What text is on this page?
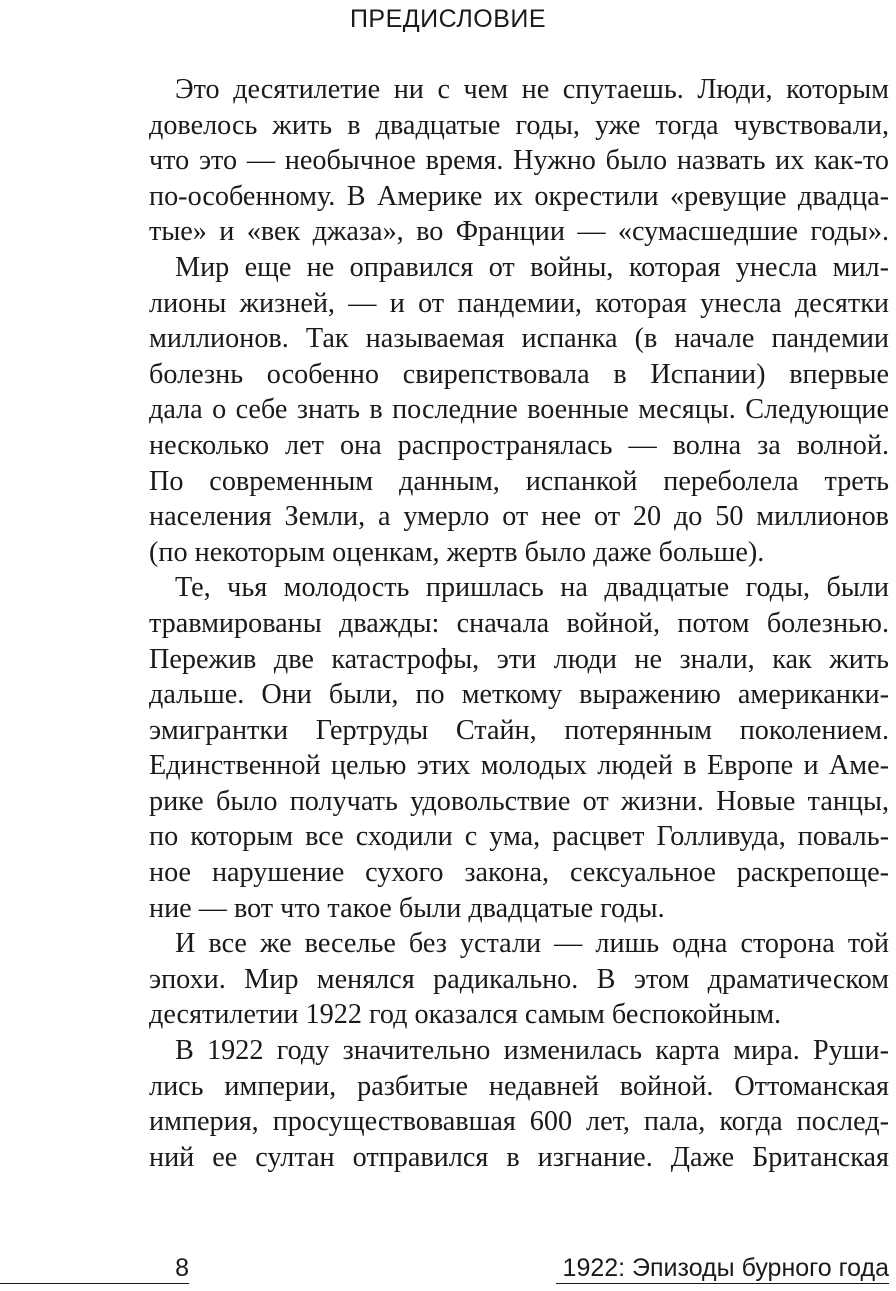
ПРЕДИСЛОВИЕ

Это десятилетие ни с чем не спутаешь. Люди, которым

довелось жить в двадцатые годы, уже тогда чувствовали,

что это — необычное время. Нужно было назвать их как-то

по-особенному. В Америке их окрестили «ревущие двадца-

тые» и «век джаза», во Франции — «сумасшедшие годы».

Мир еще не оправился от войны, которая унесла мил-

лионы жизней, — и от пандемии, которая унесла десятки

миллионов. Так называемая испанка (в начале пандемии

болезнь особенно свирепствовала в Испании) впервые

дала о себе знать в последние военные месяцы. Следующие

несколько лет она распространялась — волна за волной.

По современным данным, испанкой переболела треть

населения Земли, а умерло от нее от 20 до 50 миллионов

(по некоторым оценкам, жертв было даже больше).

Те, чья молодость пришлась на двадцатые годы, были

травмированы дважды: сначала войной, потом болезнью.

Пережив две катастрофы, эти люди не знали, как жить

дальше. Они были, по меткому выражению американки-

эмигрантки Гертруды Стайн, потерянным поколением.

Единственной целью этих молодых людей в Европе и Аме-

рике было получать удовольствие от жизни. Новые танцы,

по которым все сходили с ума, расцвет Голливуда, поваль-

ное нарушение сухого закона, сексуальное раскрепоще-

ние — вот что такое были двадцатые годы.

И все же веселье без устали — лишь одна сторона той

эпохи. Мир менялся радикально. В этом драматическом

десятилетии 1922 год оказался самым беспокойным.

В 1922 году значительно изменилась карта мира. Руши-

лись империи, разбитые недавней войной. Оттоманская

империя, просуществовавшая 600 лет, пала, когда послед-

ний ее султан отправился в изгнание. Даже Британская

8	1922: Эпизоды бурного года
